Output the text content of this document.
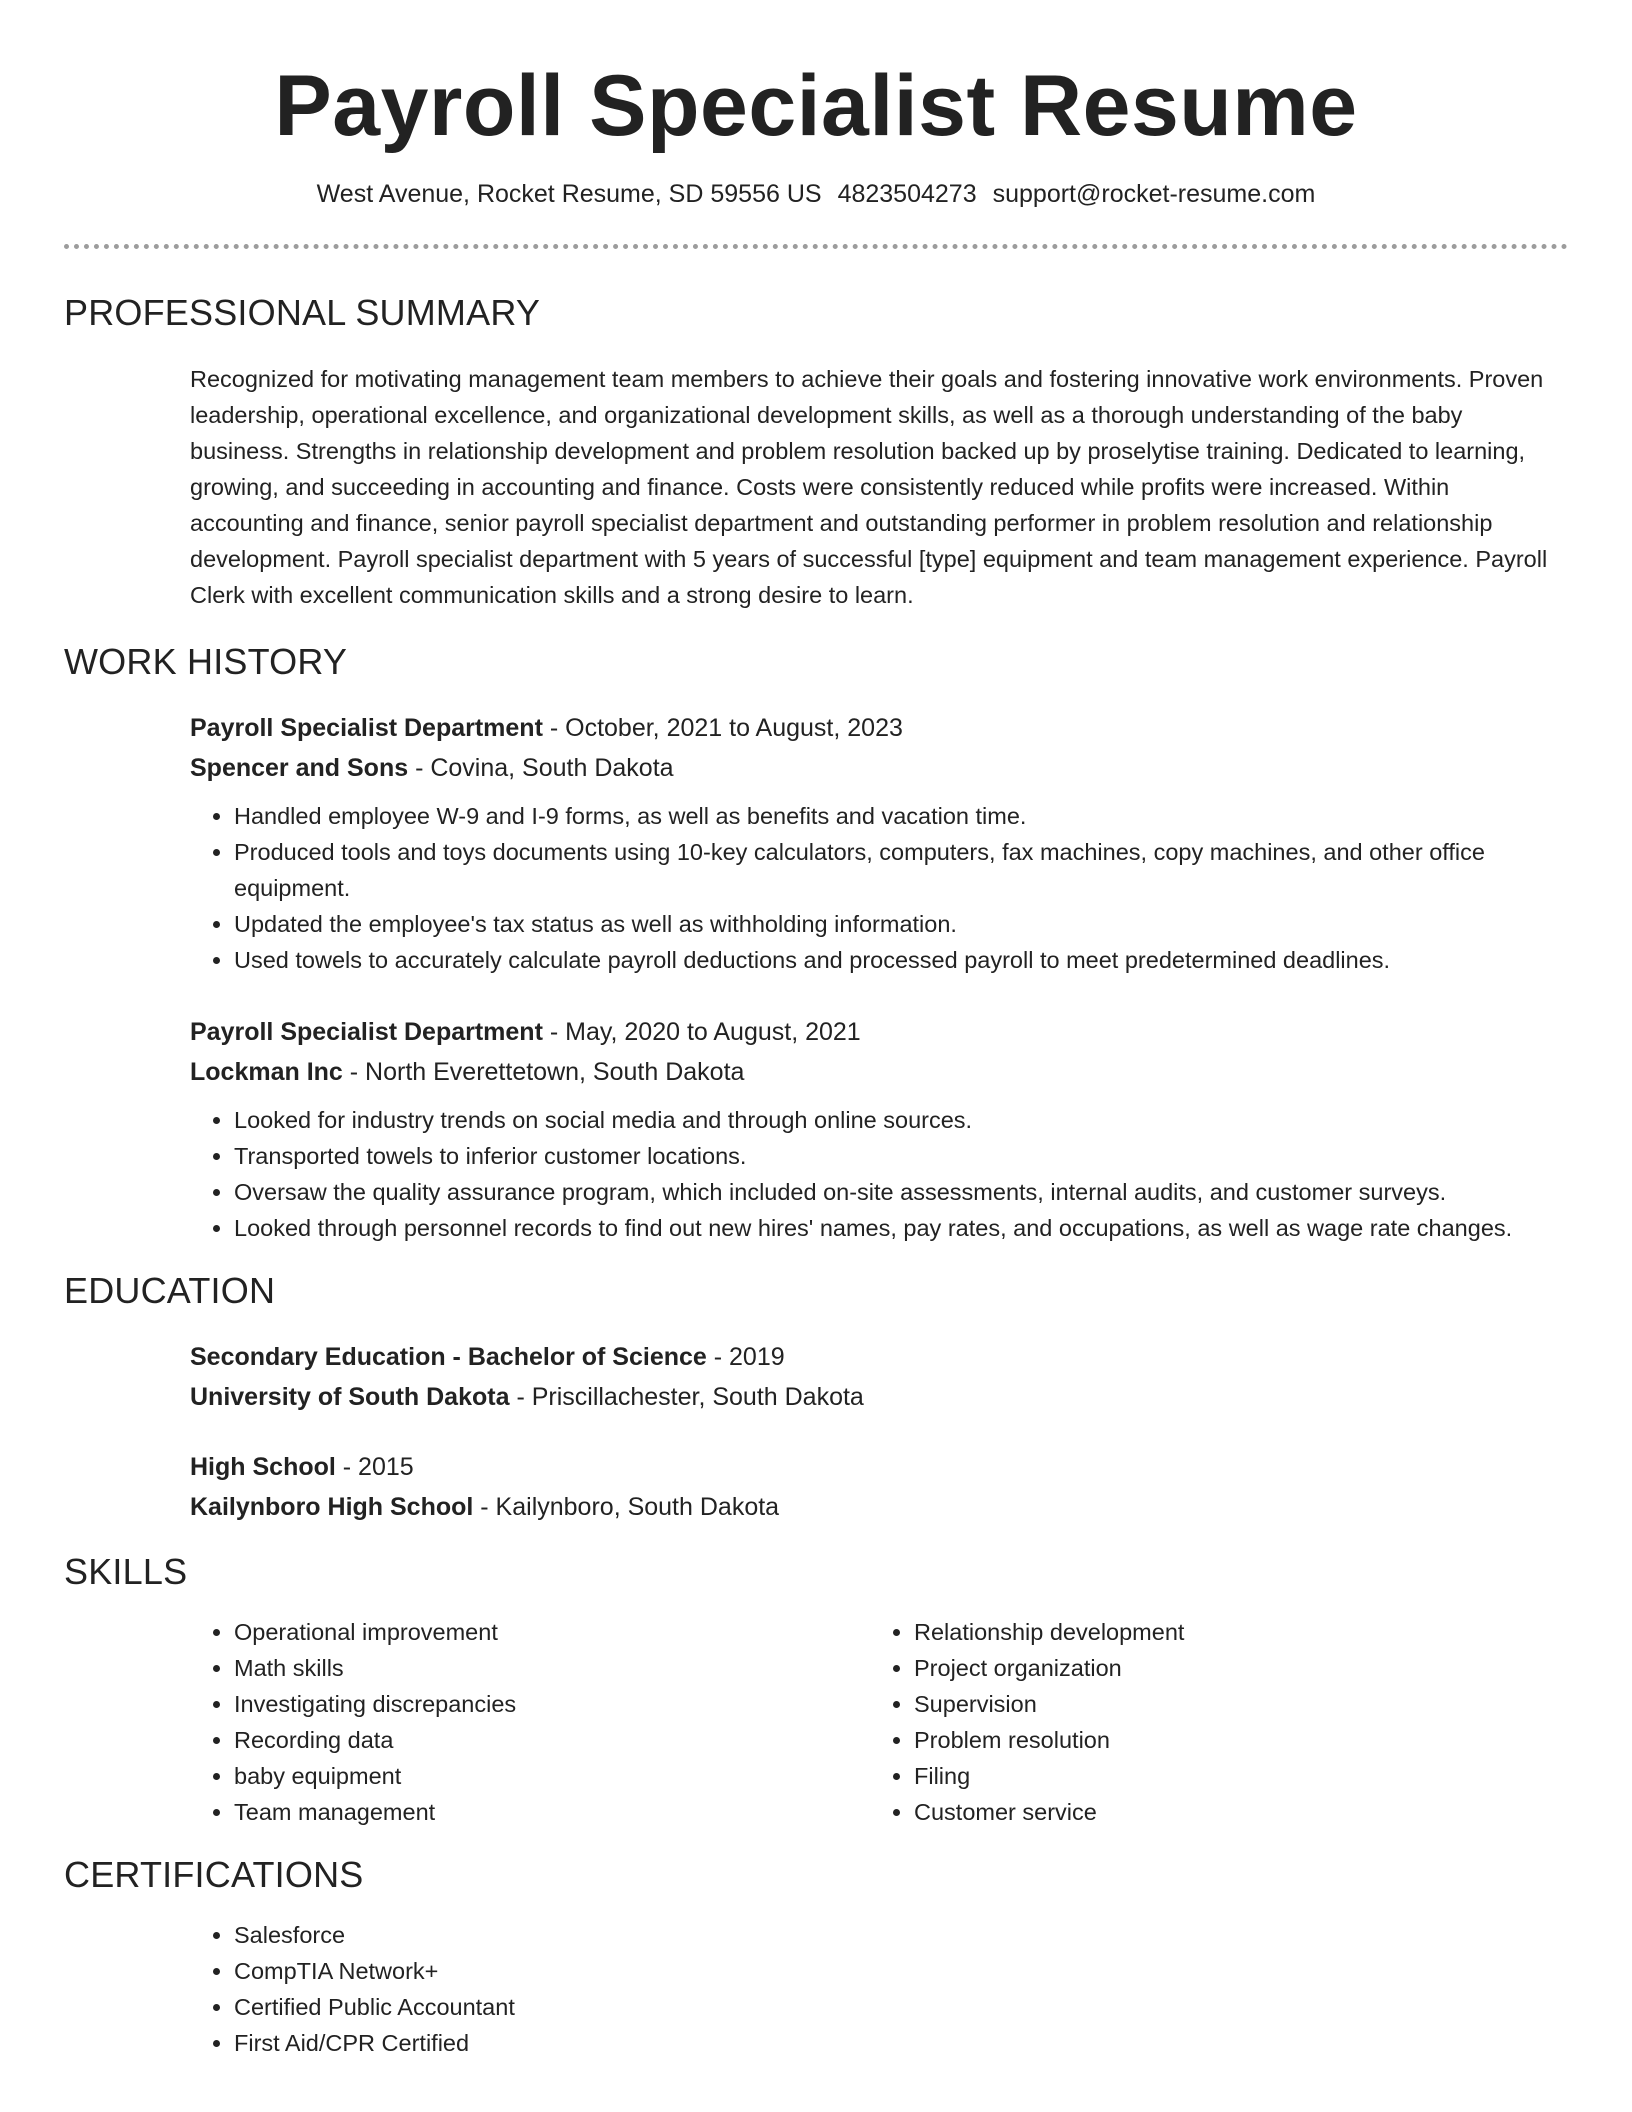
Payroll Specialist Resume
West Avenue, Rocket Resume, SD 59556 US 4823504273 support@rocket-resume.com
PROFESSIONAL SUMMARY
Recognized for motivating management team members to achieve their goals and fostering innovative work environments. Proven leadership, operational excellence, and organizational development skills, as well as a thorough understanding of the baby business. Strengths in relationship development and problem resolution backed up by proselytise training. Dedicated to learning, growing, and succeeding in accounting and finance. Costs were consistently reduced while profits were increased. Within accounting and finance, senior payroll specialist department and outstanding performer in problem resolution and relationship development. Payroll specialist department with 5 years of successful [type] equipment and team management experience. Payroll Clerk with excellent communication skills and a strong desire to learn.
WORK HISTORY
Payroll Specialist Department - October, 2021 to August, 2023
Spencer and Sons - Covina, South Dakota
• Handled employee W-9 and I-9 forms, as well as benefits and vacation time.
• Produced tools and toys documents using 10-key calculators, computers, fax machines, copy machines, and other office equipment.
• Updated the employee's tax status as well as withholding information.
• Used towels to accurately calculate payroll deductions and processed payroll to meet predetermined deadlines.
Payroll Specialist Department - May, 2020 to August, 2021
Lockman Inc - North Everettetown, South Dakota
• Looked for industry trends on social media and through online sources.
• Transported towels to inferior customer locations.
• Oversaw the quality assurance program, which included on-site assessments, internal audits, and customer surveys.
• Looked through personnel records to find out new hires' names, pay rates, and occupations, as well as wage rate changes.
EDUCATION
Secondary Education - Bachelor of Science - 2019
University of South Dakota - Priscillachester, South Dakota
High School - 2015
Kailynboro High School - Kailynboro, South Dakota
SKILLS
• Operational improvement
• Math skills
• Investigating discrepancies
• Recording data
• baby equipment
• Team management
• Relationship development
• Project organization
• Supervision
• Problem resolution
• Filing
• Customer service
CERTIFICATIONS
• Salesforce
• CompTIA Network+
• Certified Public Accountant
• First Aid/CPR Certified
